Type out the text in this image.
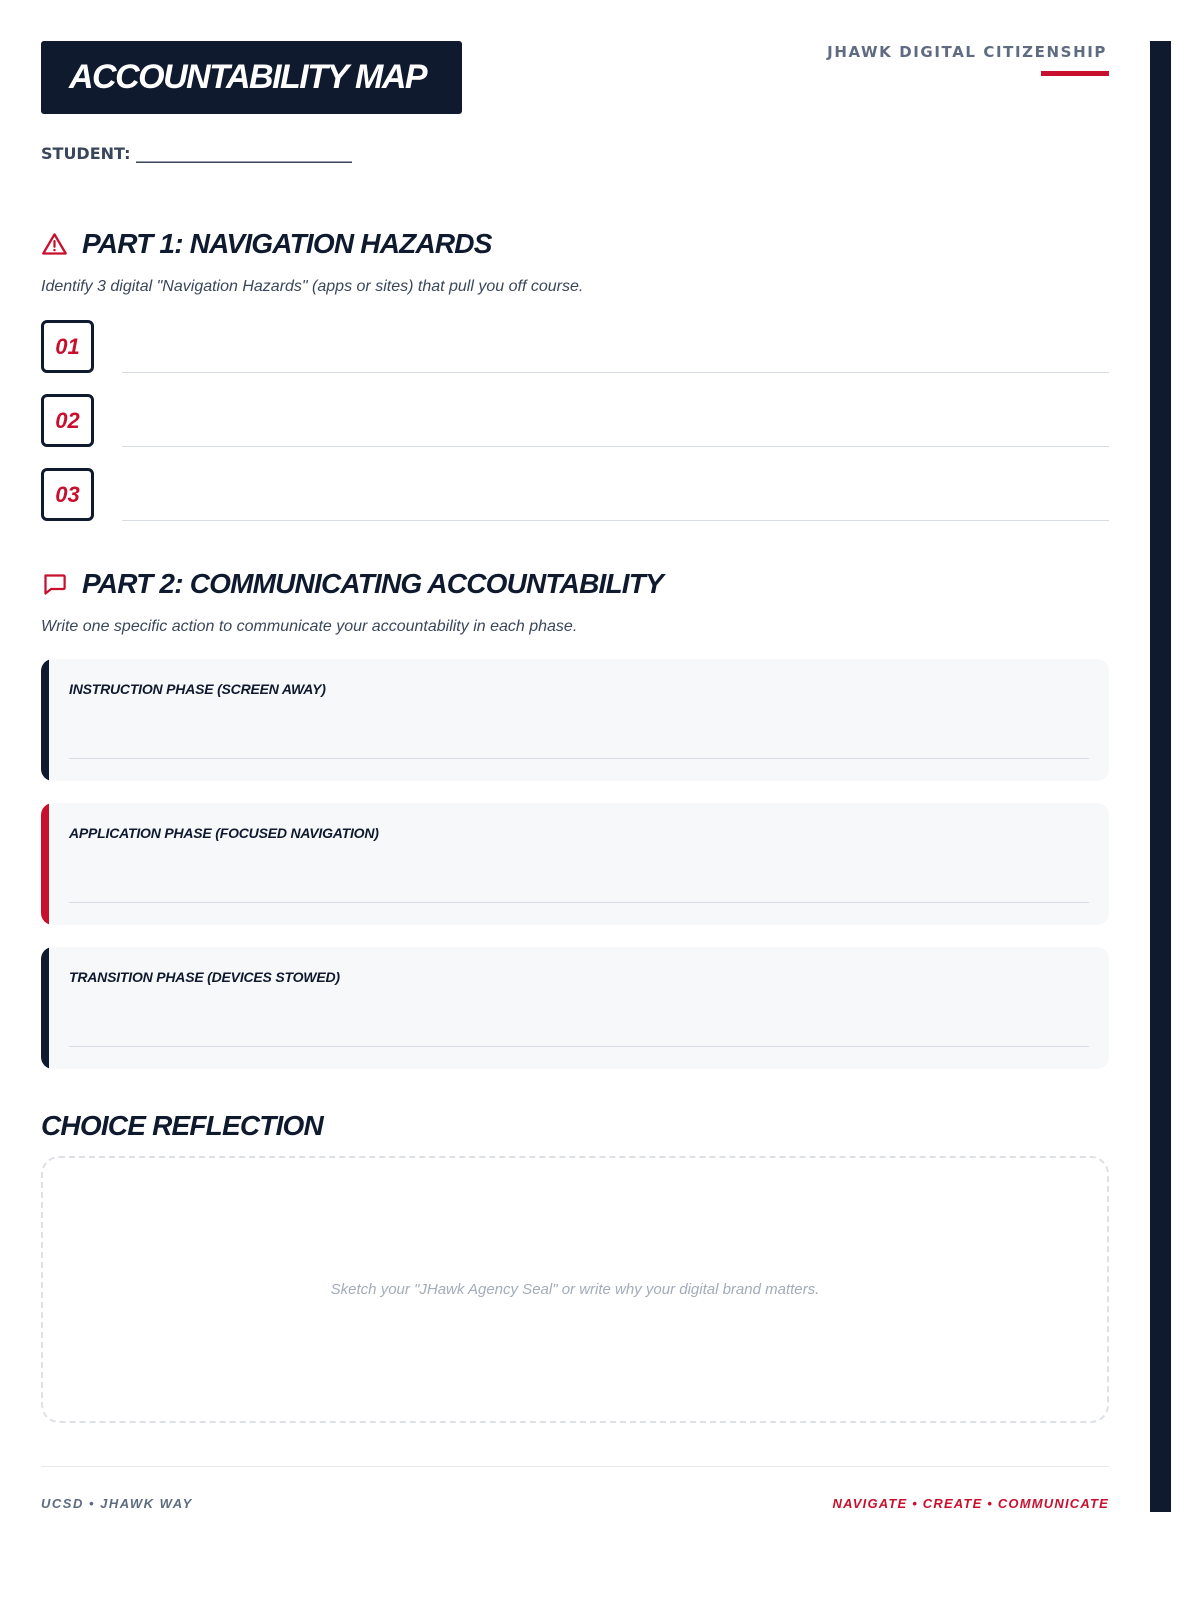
ACCOUNTABILITY MAP
JHAWK DIGITAL CITIZENSHIP
STUDENT: ___________________________
PART 1: NAVIGATION HAZARDS
Identify 3 digital "Navigation Hazards" (apps or sites) that pull you off course.
01
02
03
PART 2: COMMUNICATING ACCOUNTABILITY
Write one specific action to communicate your accountability in each phase.
INSTRUCTION PHASE (SCREEN AWAY)
APPLICATION PHASE (FOCUSED NAVIGATION)
TRANSITION PHASE (DEVICES STOWED)
CHOICE REFLECTION
Sketch your "JHawk Agency Seal" or write why your digital brand matters.
UCSD • JHAWK WAY	NAVIGATE • CREATE • COMMUNICATE
